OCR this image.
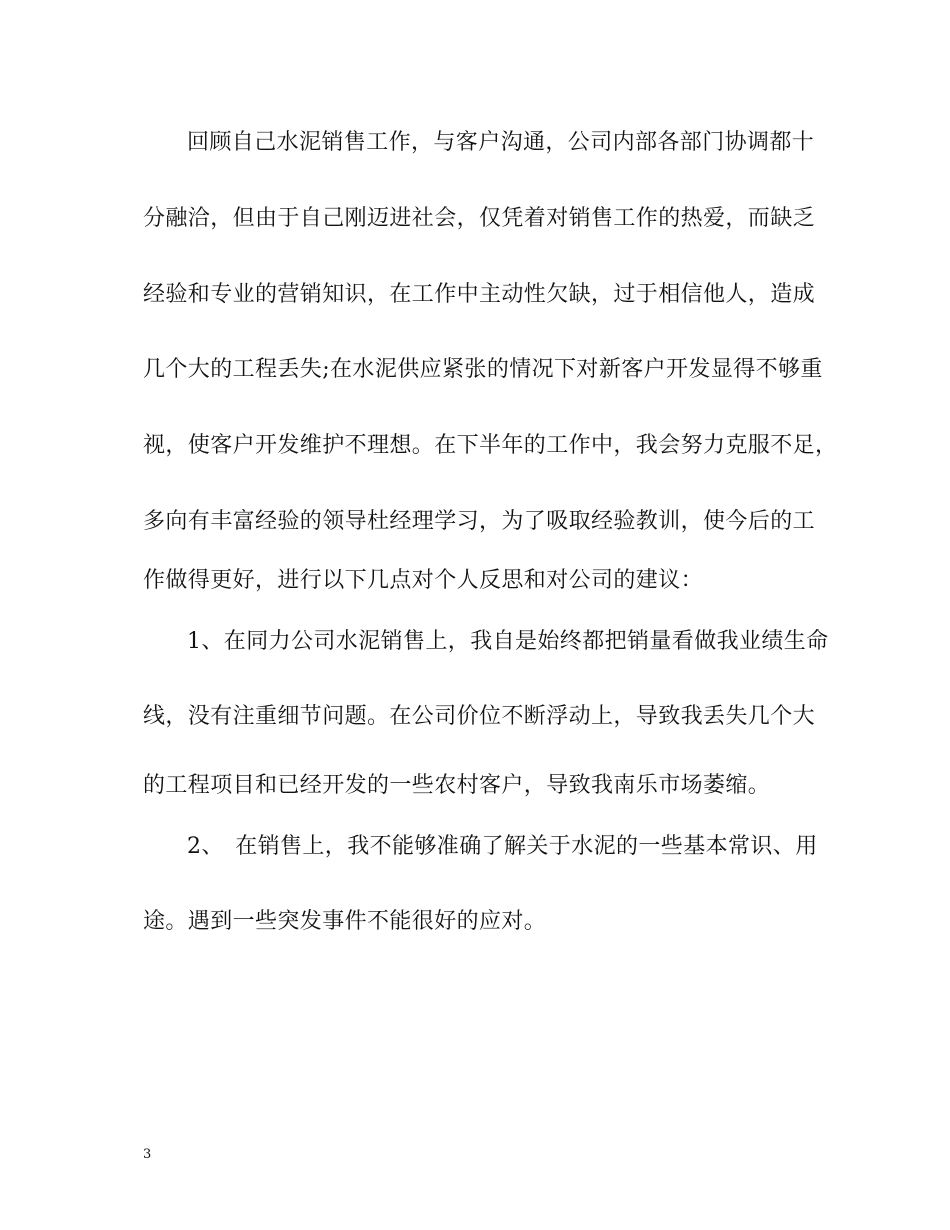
回顾自己水泥销售工作，与客户沟通，公司内部各部门协调都十
分融洽，但由于自己刚迈进社会，仅凭着对销售工作的热爱，而缺乏
经验和专业的营销知识，在工作中主动性欠缺，过于相信他人，造成
几个大的工程丢失;在水泥供应紧张的情况下对新客户开发显得不够重
视，使客户开发维护不理想。在下半年的工作中，我会努力克服不足，
多向有丰富经验的领导杜经理学习，为了吸取经验教训，使今后的工
作做得更好，进行以下几点对个人反思和对公司的建议：
1、在同力公司水泥销售上，我自是始终都把销量看做我业绩生命
线，没有注重细节问题。在公司价位不断浮动上，导致我丢失几个大
的工程项目和已经开发的一些农村客户，导致我南乐市场萎缩。
2、　在销售上，我不能够准确了解关于水泥的一些基本常识、用
途。遇到一些突发事件不能很好的应对。
3
